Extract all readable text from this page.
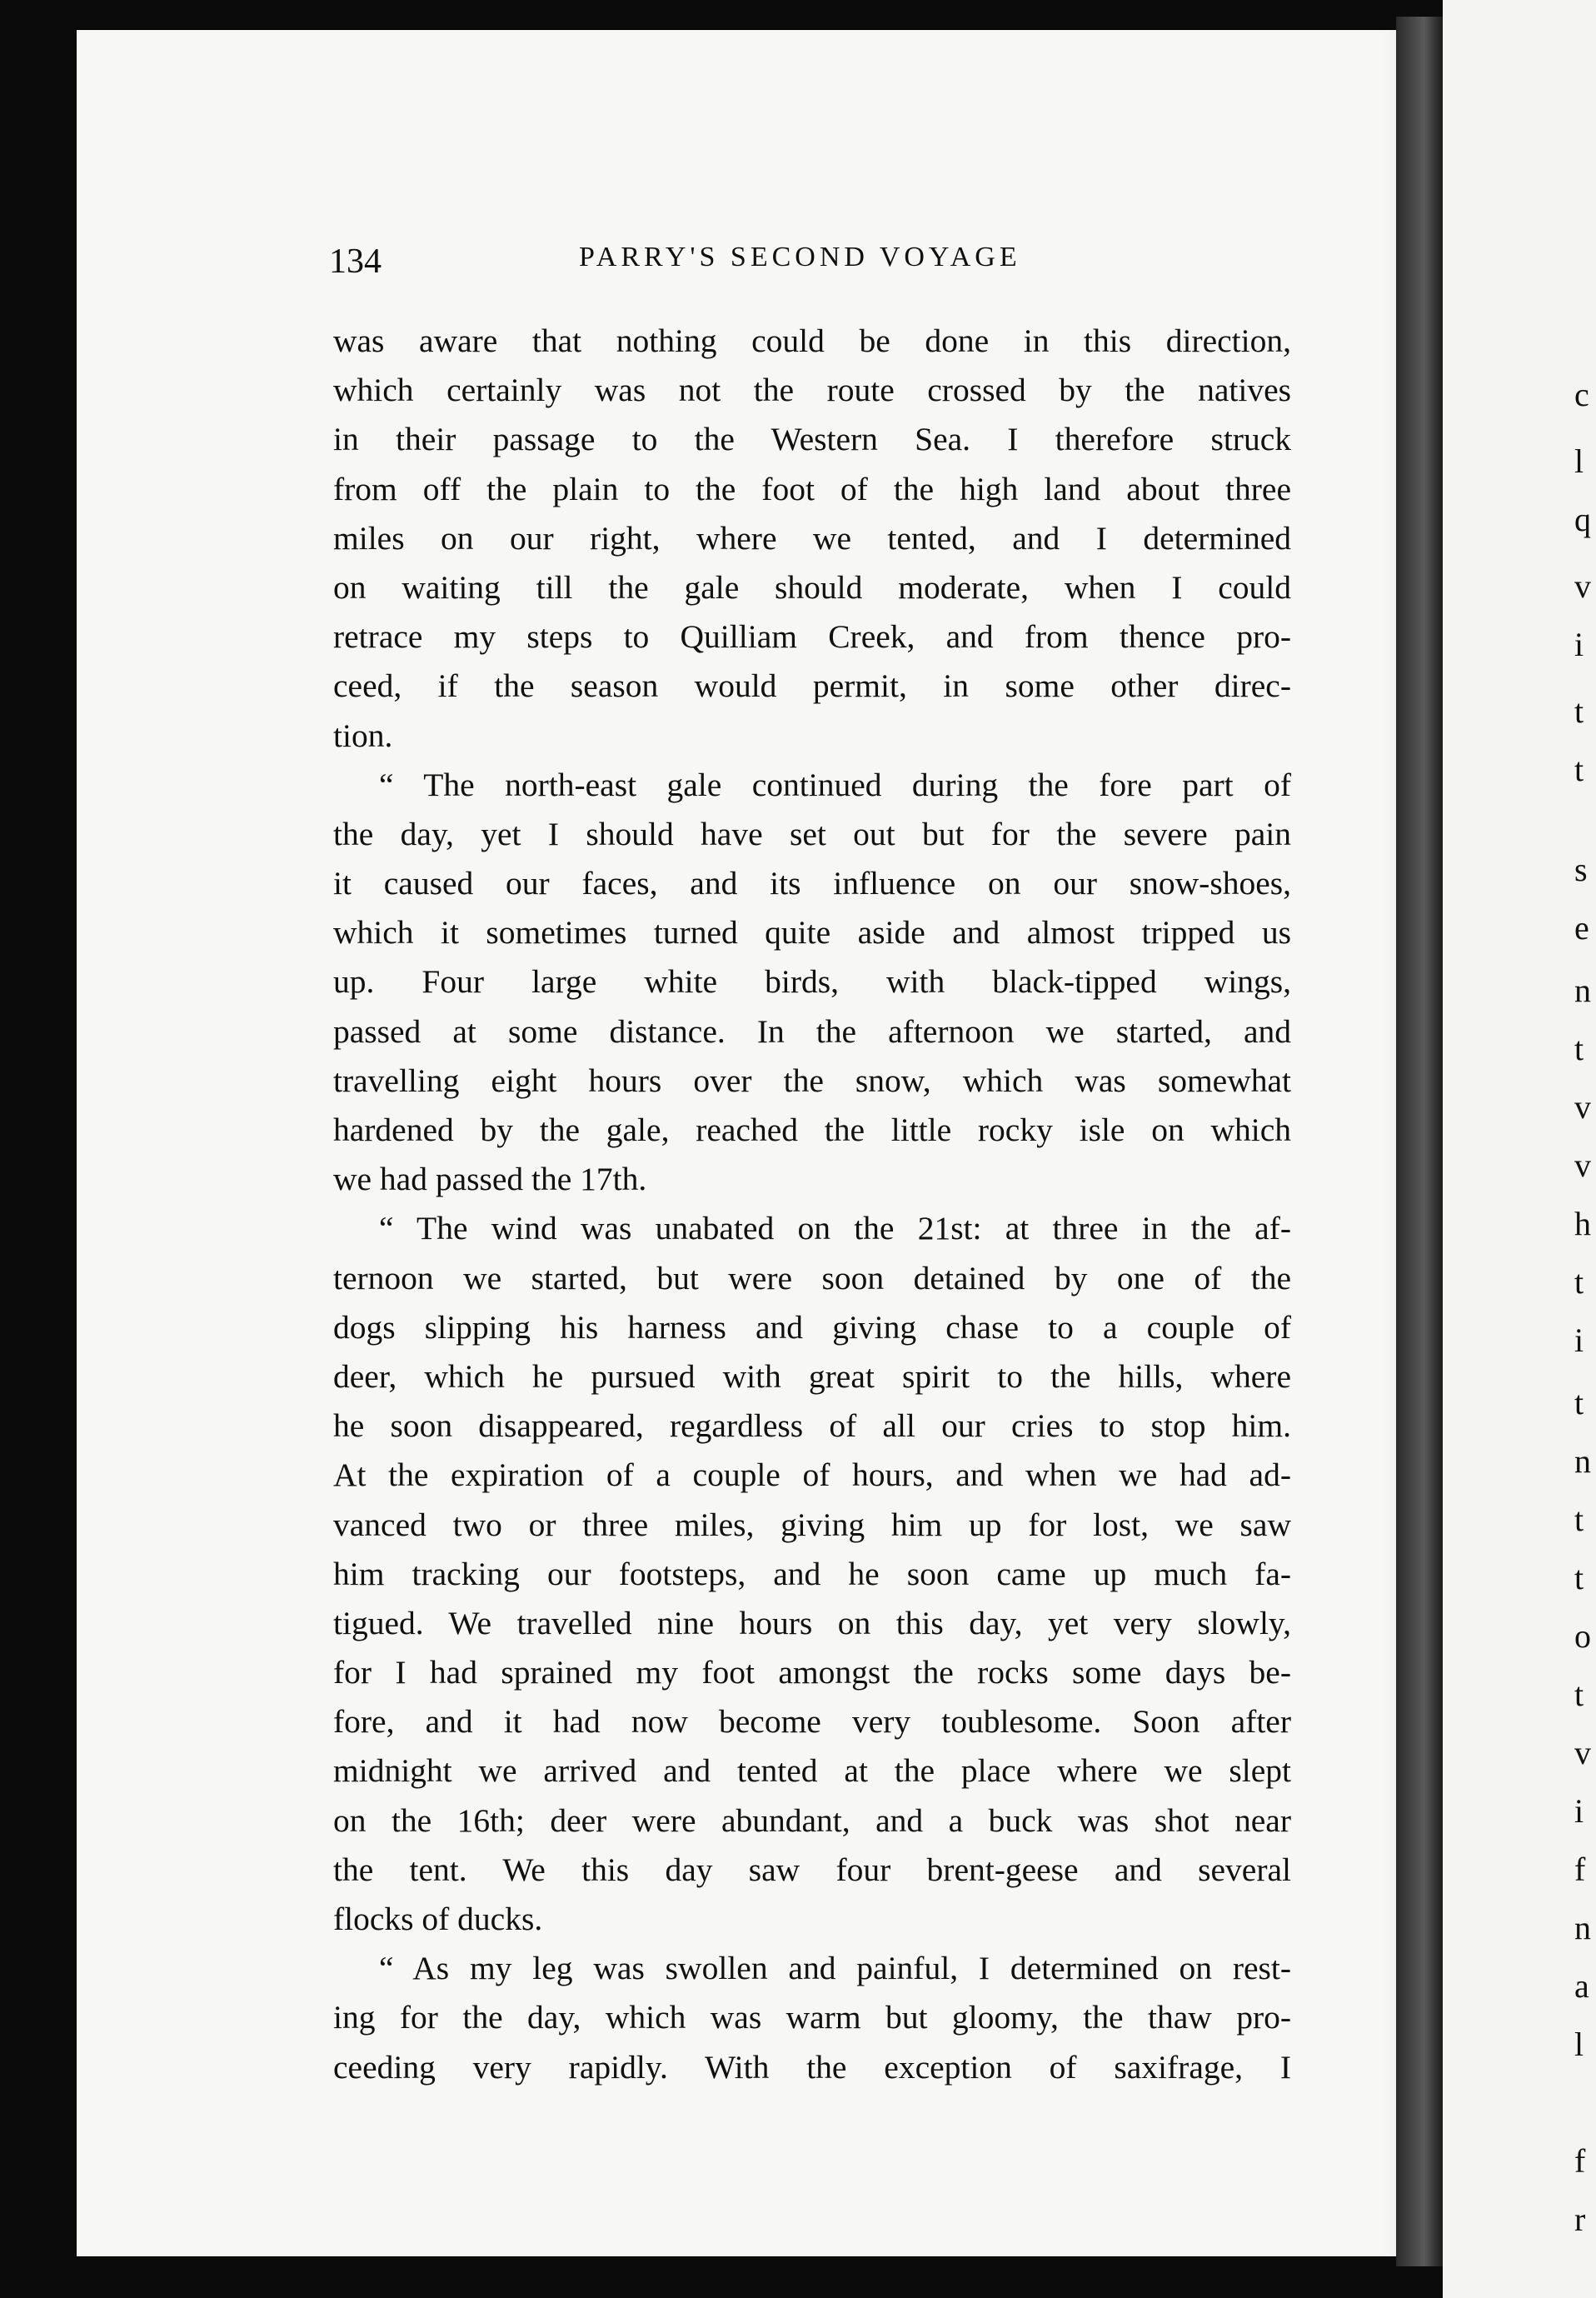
c
l
q
v
i
t
t
s
e
n
t
v
v
h
t
i
t
n
t
t
o
t
v
i
f
n
a
l
f
r
134	PARRY'S SECOND VOYAGE
was aware that nothing could be done in this direction,
which certainly was not the route crossed by the natives
in their passage to the Western Sea. I therefore struck
from off the plain to the foot of the high land about three
miles on our right, where we tented, and I determined
on waiting till the gale should moderate, when I could
retrace my steps to Quilliam Creek, and from thence pro-
ceed, if the season would permit, in some other direc-
tion.
“ The north-east gale continued during the fore part of
the day, yet I should have set out but for the severe pain
it caused our faces, and its influence on our snow-shoes,
which it sometimes turned quite aside and almost tripped us
up. Four large white birds, with black-tipped wings,
passed at some distance. In the afternoon we started, and
travelling eight hours over the snow, which was somewhat
hardened by the gale, reached the little rocky isle on which
we had passed the 17th.
“ The wind was unabated on the 21st: at three in the af-
ternoon we started, but were soon detained by one of the
dogs slipping his harness and giving chase to a couple of
deer, which he pursued with great spirit to the hills, where
he soon disappeared, regardless of all our cries to stop him.
At the expiration of a couple of hours, and when we had ad-
vanced two or three miles, giving him up for lost, we saw
him tracking our footsteps, and he soon came up much fa-
tigued. We travelled nine hours on this day, yet very slowly,
for I had sprained my foot amongst the rocks some days be-
fore, and it had now become very toublesome. Soon after
midnight we arrived and tented at the place where we slept
on the 16th; deer were abundant, and a buck was shot near
the tent. We this day saw four brent-geese and several
flocks of ducks.
“ As my leg was swollen and painful, I determined on rest-
ing for the day, which was warm but gloomy, the thaw pro-
ceeding very rapidly. With the exception of saxifrage, I
